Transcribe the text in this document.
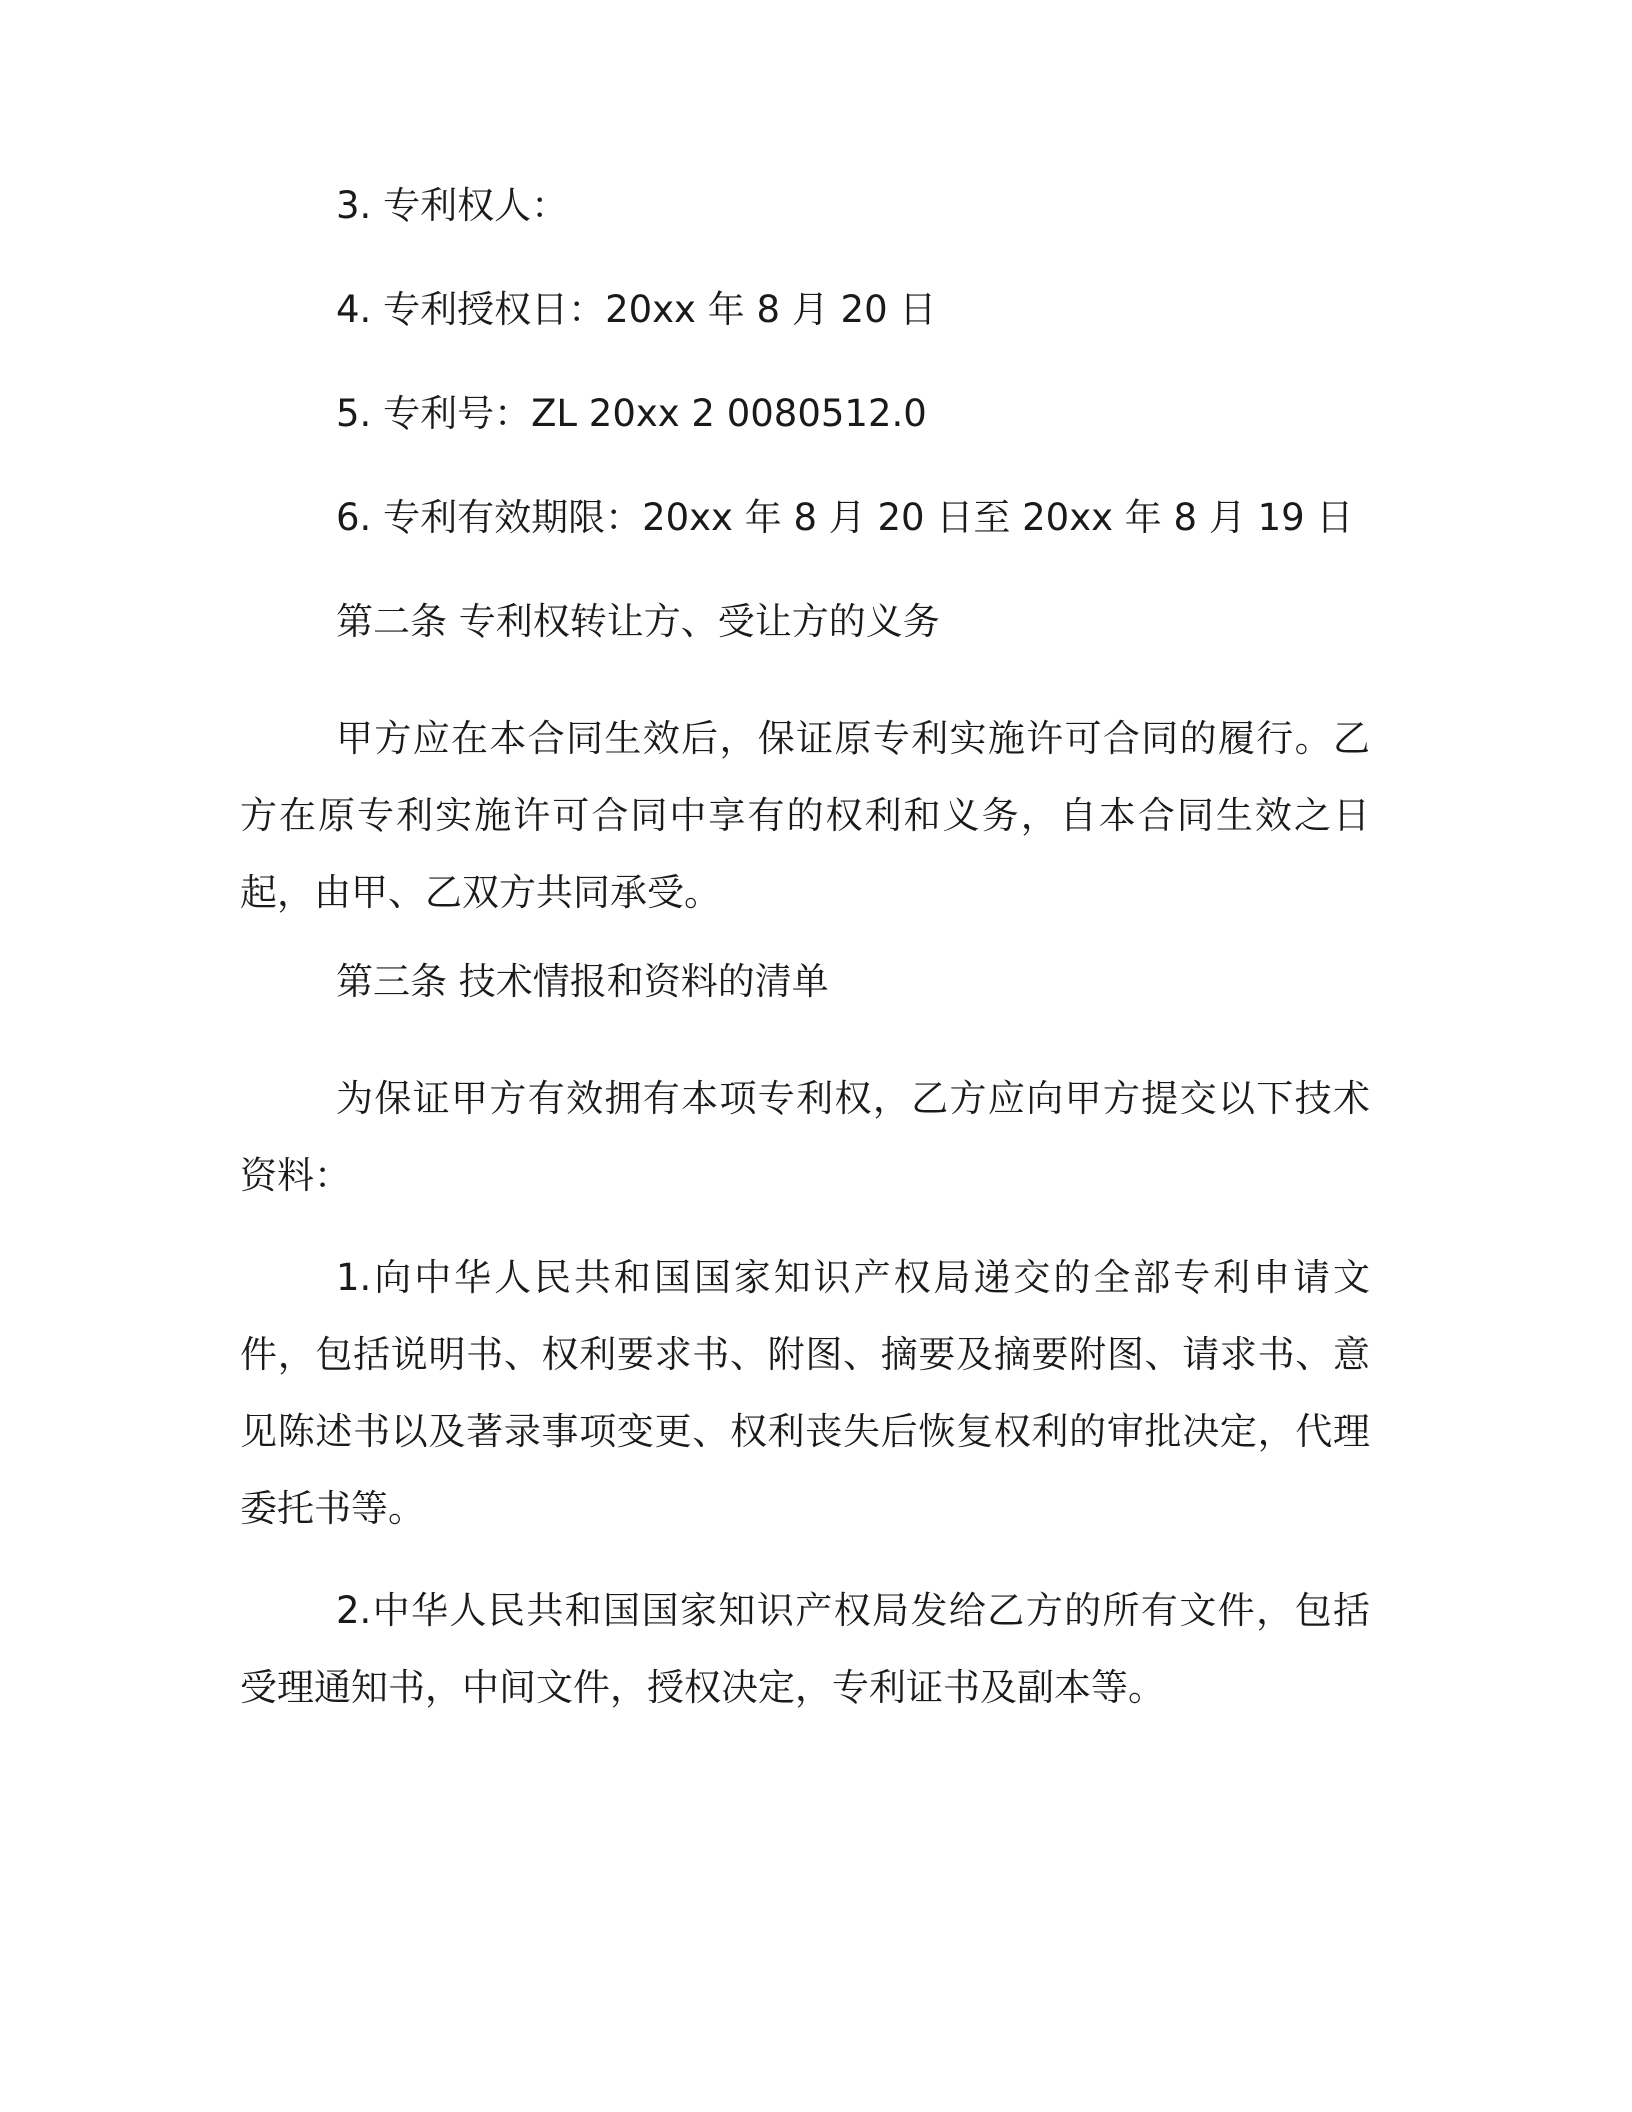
3. 专利权人：
4. 专利授权日：20xx 年 8 月 20 日
5. 专利号：ZL 20xx 2 0080512.0
6. 专利有效期限：20xx 年 8 月 20 日至 20xx 年 8 月 19 日
第二条 专利权转让方、受让方的义务

甲方应在本合同生效后，保证原专利实施许可合同的履行。乙方在原专利实施许可合同中享有的权利和义务，自本合同生效之日起，由甲、乙双方共同承受。

第三条 技术情报和资料的清单

为保证甲方有效拥有本项专利权，乙方应向甲方提交以下技术资料：

1.向中华人民共和国国家知识产权局递交的全部专利申请文件，包括说明书、权利要求书、附图、摘要及摘要附图、请求书、意见陈述书以及著录事项变更、权利丧失后恢复权利的审批决定，代理委托书等。

2.中华人民共和国国家知识产权局发给乙方的所有文件，包括受理通知书，中间文件，授权决定，专利证书及副本等。
